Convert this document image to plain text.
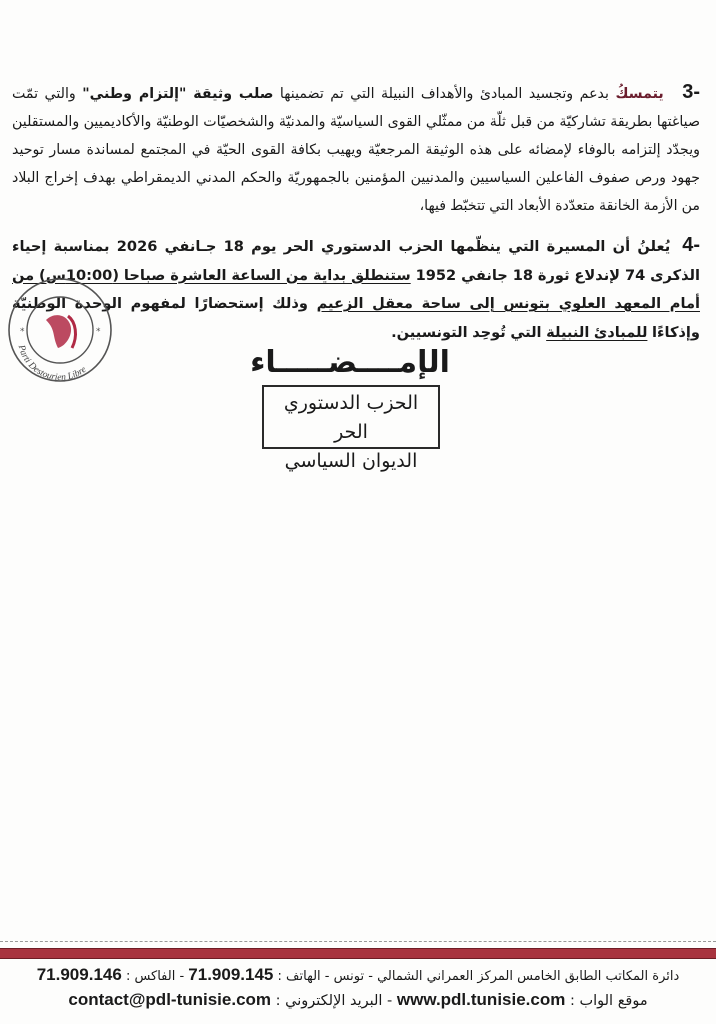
-3 يتمسكُ بدعم وتجسيد المبادئ والأهداف النبيلة التي تم تضمينها صلب وثيقة "إلتزام وطني" والتي تمّت صياغتها بطريقة تشاركيّة من قبل ثلّة من ممثّلي القوى السياسيّة والمدنيّة والشخصيّات الوطنيّة والأكاديميين والمستقلين ويجدّد إلتزامه بالوفاء لإمضائه على هذه الوثيقة المرجعيّة ويهيب بكافة القوى الحيّة في المجتمع لمساندة مسار توحيد جهود ورص صفوف الفاعلين السياسيين والمدنيين المؤمنين بالجمهوريّة والحكم المدني الديمقراطي بهدف إخراج البلاد من الأزمة الخانقة متعدّدة الأبعاد التي تتخبّط فيها،
-4يُعلنُ أن المسيرة التي ينظّمها الحزب الدستوري الحر يوم 18 جـانفي 2026 بمناسبة إحياء الذكرى 74 لإندلاع ثورة 18 جانفي 1952 ستنطلق بداية من الساعة العاشرة صباحا (10:00س) من أمام المعهد العلوي بتونس إلى ساحة معقل الزعيم وذلك إستحضارًا لمفهوم الوحدة الوطنيّة وإذكاءًا للمبادئ النبيلة التي تُوحِد التونسيين.
*	*
Parti Destourien Libre	الإمــــضـــــاء
الحزب الدستوري الحر
الديوان السياسي
دائرة المكاتب الطابق الخامس المركز العمراني الشمالي - تونس - الهاتف : 71.909.145 - الفاكس : 71.909.146
موقع الواب : www.pdl.tunisie.com - البريد الإلكتروني : contact@pdl-tunisie.com
